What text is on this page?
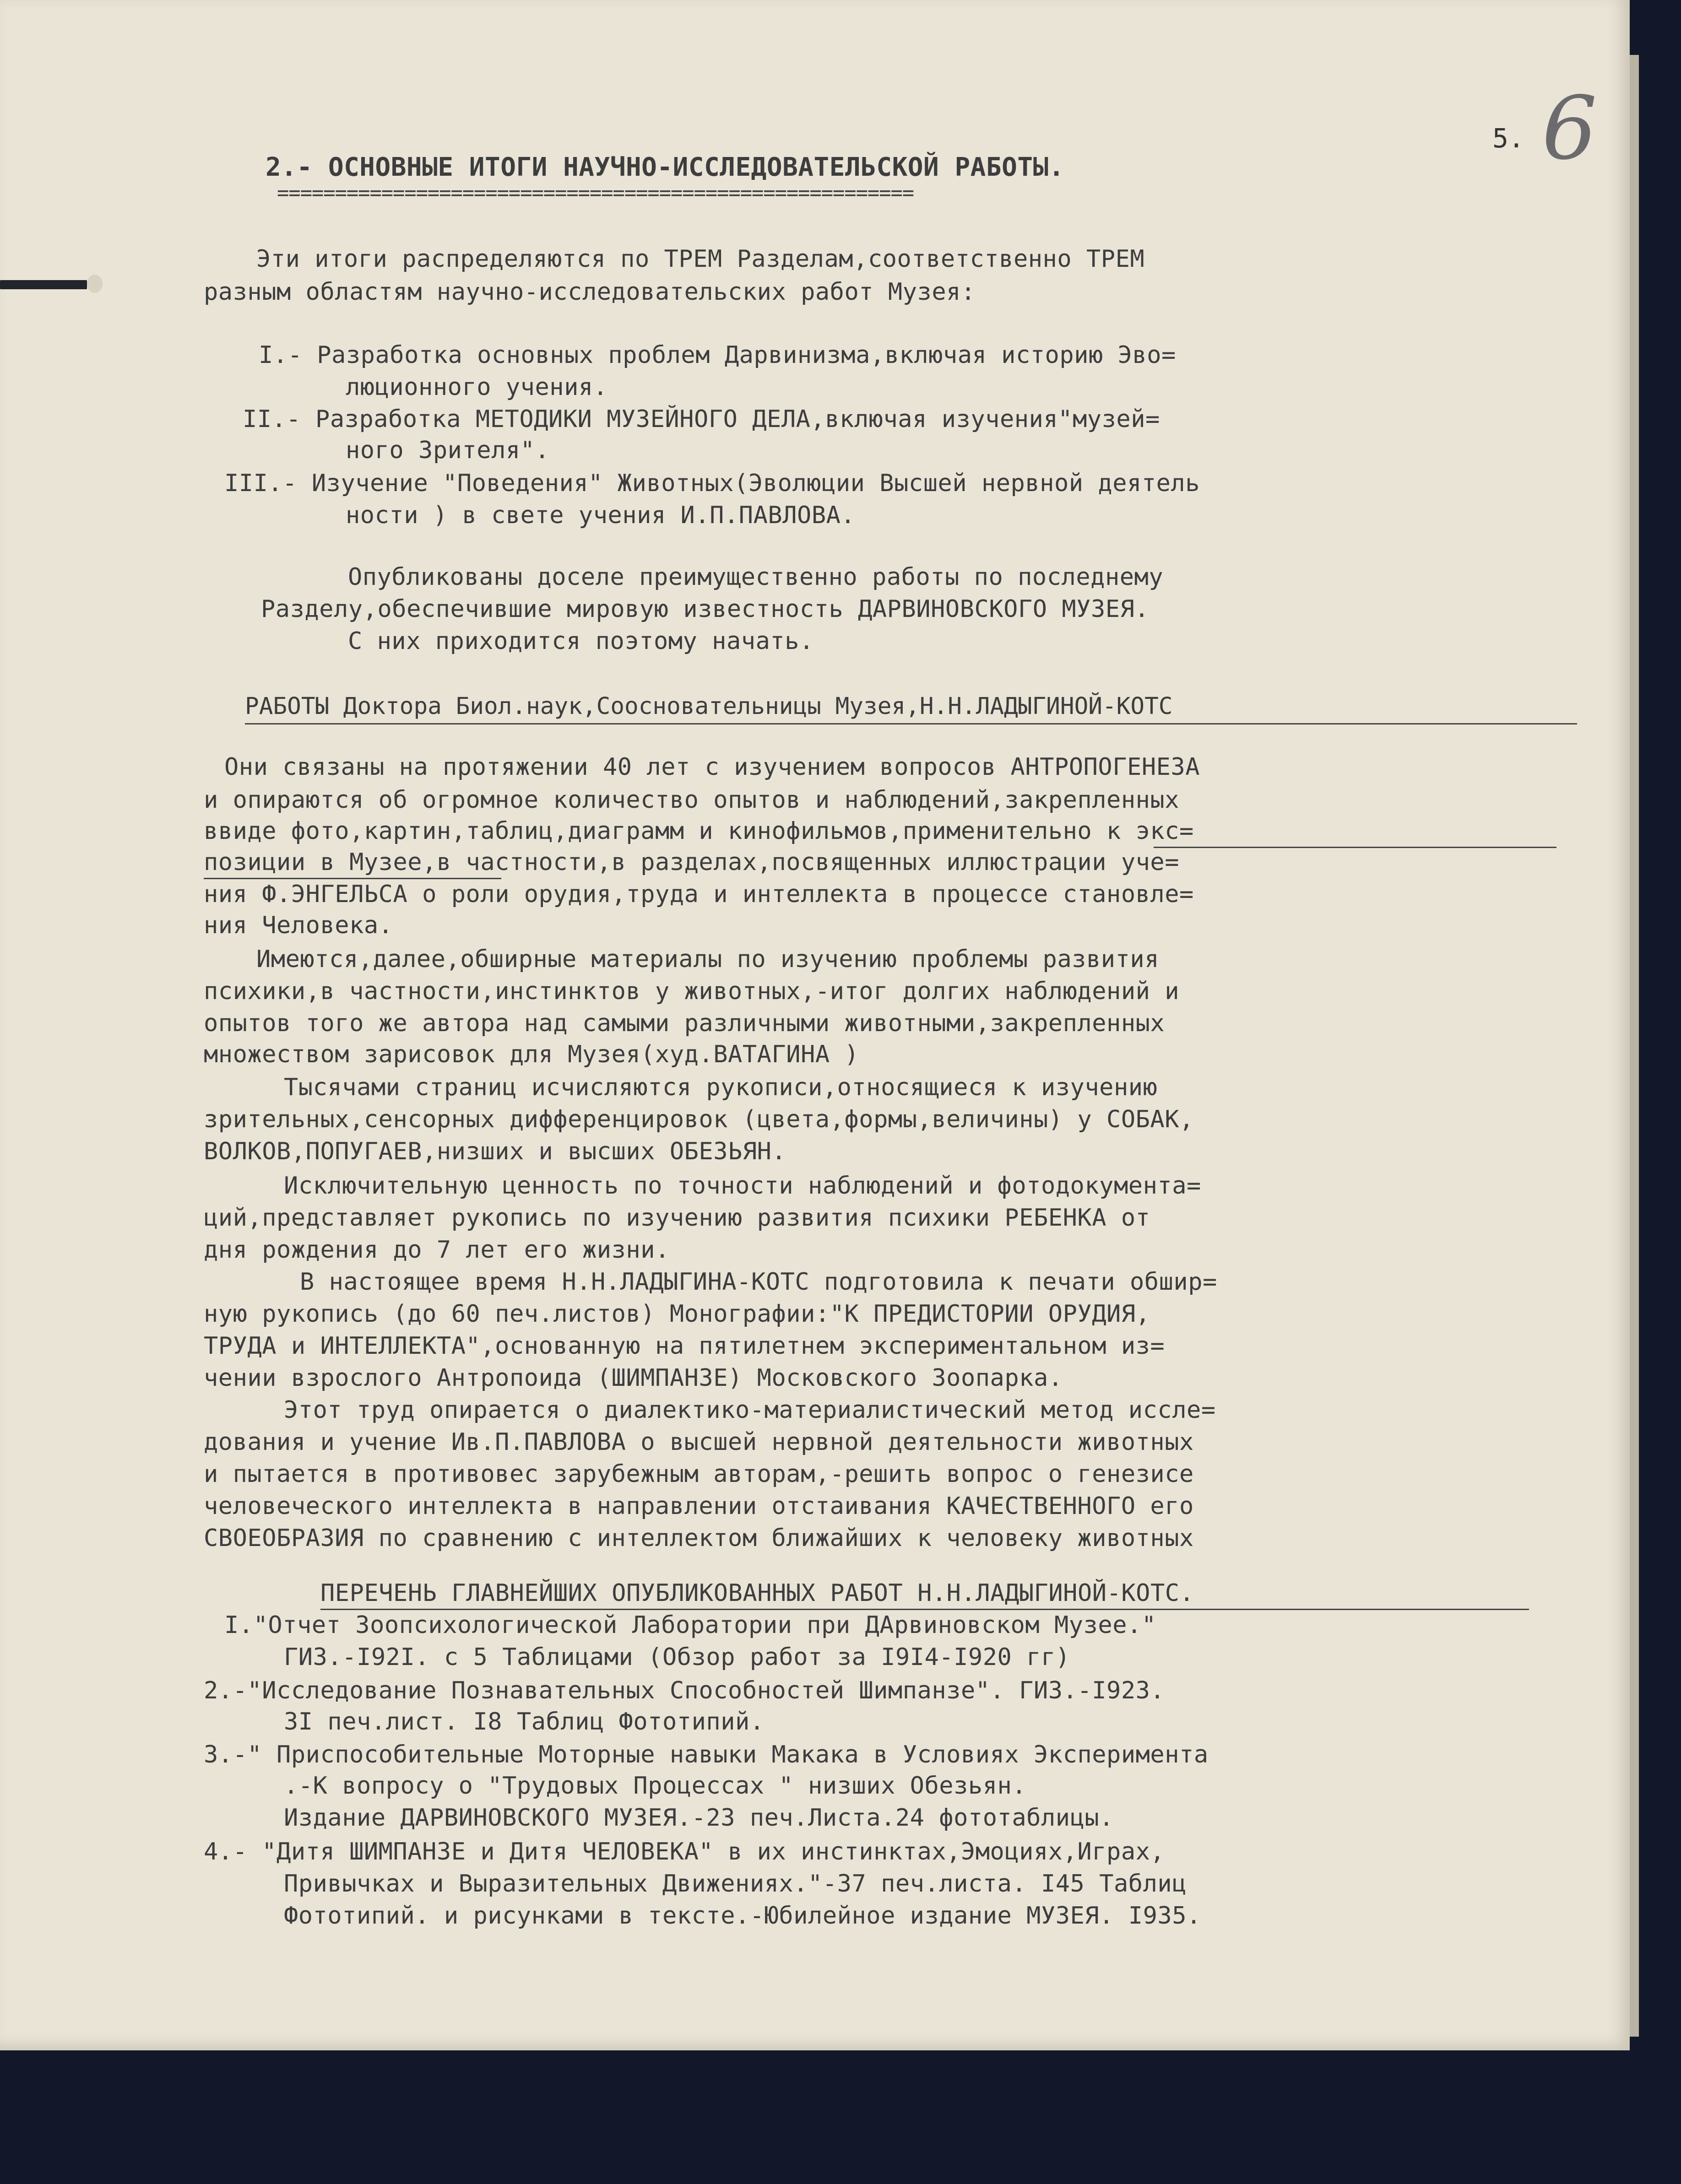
5. 6
2.- ОСНОВНЫЕ ИТОГИ НАУЧНО-ИССЛЕДОВАТЕЛЬСКОЙ РАБОТЫ.
=======================================================
Эти итоги распределяются по ТРЕМ Разделам,соответственно ТРЕМ
разным областям научно-исследовательских работ Музея:
I.- Разработка основных проблем Дарвинизма,включая историю Эво=
люционного учения.
II.- Разработка МЕТОДИКИ МУЗЕЙНОГО ДЕЛА,включая изучения"музей=
ного Зрителя".
III.- Изучение "Поведения" Животных(Эволюции Высшей нервной деятель
ности ) в свете учения И.П.ПАВЛОВА.
Опубликованы доселе преимущественно работы по последнему
Разделу,обеспечившие мировую известность ДАРВИНОВСКОГО МУЗЕЯ.
С них приходится поэтому начать.
РАБОТЫ Доктора Биол.наук,Соосновательницы Музея,Н.Н.ЛАДЫГИНОЙ-КОТС
Они связаны на протяжении 40 лет с изучением вопросов АНТРОПОГЕНЕЗА
и опираются об огромное количество опытов и наблюдений,закрепленных
ввиде фото,картин,таблиц,диаграмм и кинофильмов,применительно к экс=
позиции в Музее,в частности,в разделах,посвященных иллюстрации уче=
ния Ф.ЭНГЕЛЬСА о роли орудия,труда и интеллекта в процессе становле=
ния Человека.
Имеются,далее,обширные материалы по изучению проблемы развития
психики,в частности,инстинктов у животных,-итог долгих наблюдений и
опытов того же автора над самыми различными животными,закрепленных
множеством зарисовок для Музея(худ.ВАТАГИНА )
Тысячами страниц исчисляются рукописи,относящиеся к изучению
зрительных,сенсорных дифференцировок (цвета,формы,величины) у СОБАК,
ВОЛКОВ,ПОПУГАЕВ,низших и высших ОБЕЗЬЯН.
Исключительную ценность по точности наблюдений и фотодокумента=
ций,представляет рукопись по изучению развития психики РЕБЕНКА от
дня рождения до 7 лет его жизни.
В настоящее время Н.Н.ЛАДЫГИНА-КОТС подготовила к печати обшир=
ную рукопись (до 60 печ.листов) Монографии:"К ПРЕДИСТОРИИ ОРУДИЯ,
ТРУДА и ИНТЕЛЛЕКТА",основанную на пятилетнем экспериментальном из=
чении взрослого Антропоида (ШИМПАНЗЕ) Московского Зоопарка.
Этот труд опирается о диалектико-материалистический метод иссле=
дования и учение Ив.П.ПАВЛОВА о высшей нервной деятельности животных
и пытается в противовес зарубежным авторам,-решить вопрос о генезисе
человеческого интеллекта в направлении отстаивания КАЧЕСТВЕННОГО его
СВОЕОБРАЗИЯ по сравнению с интеллектом ближайших к человеку животных
ПЕРЕЧЕНЬ ГЛАВНЕЙШИХ ОПУБЛИКОВАННЫХ РАБОТ Н.Н.ЛАДЫГИНОЙ-КОТС.
I."Отчет Зоопсихологической Лаборатории при ДАрвиновском Музее."
ГИЗ.-I92I. с 5 Таблицами (Обзор работ за I9I4-I920 гг)
2.-"Исследование Познавательных Способностей Шимпанзе". ГИЗ.-I923.
3I печ.лист. I8 Таблиц Фототипий.
3.-" Приспособительные Моторные навыки Макака в Условиях Эксперимента
.-К вопросу о "Трудовых Процессах " низших Обезьян.
Издание ДАРВИНОВСКОГО МУЗЕЯ.-23 печ.Листа.24 фототаблицы.
4.- "Дитя ШИМПАНЗЕ и Дитя ЧЕЛОВЕКА" в их инстинктах,Эмоциях,Играх,
Привычках и Выразительных Движениях."-37 печ.листа. I45 Таблиц
Фототипий. и рисунками в тексте.-Юбилейное издание МУЗЕЯ. I935.
